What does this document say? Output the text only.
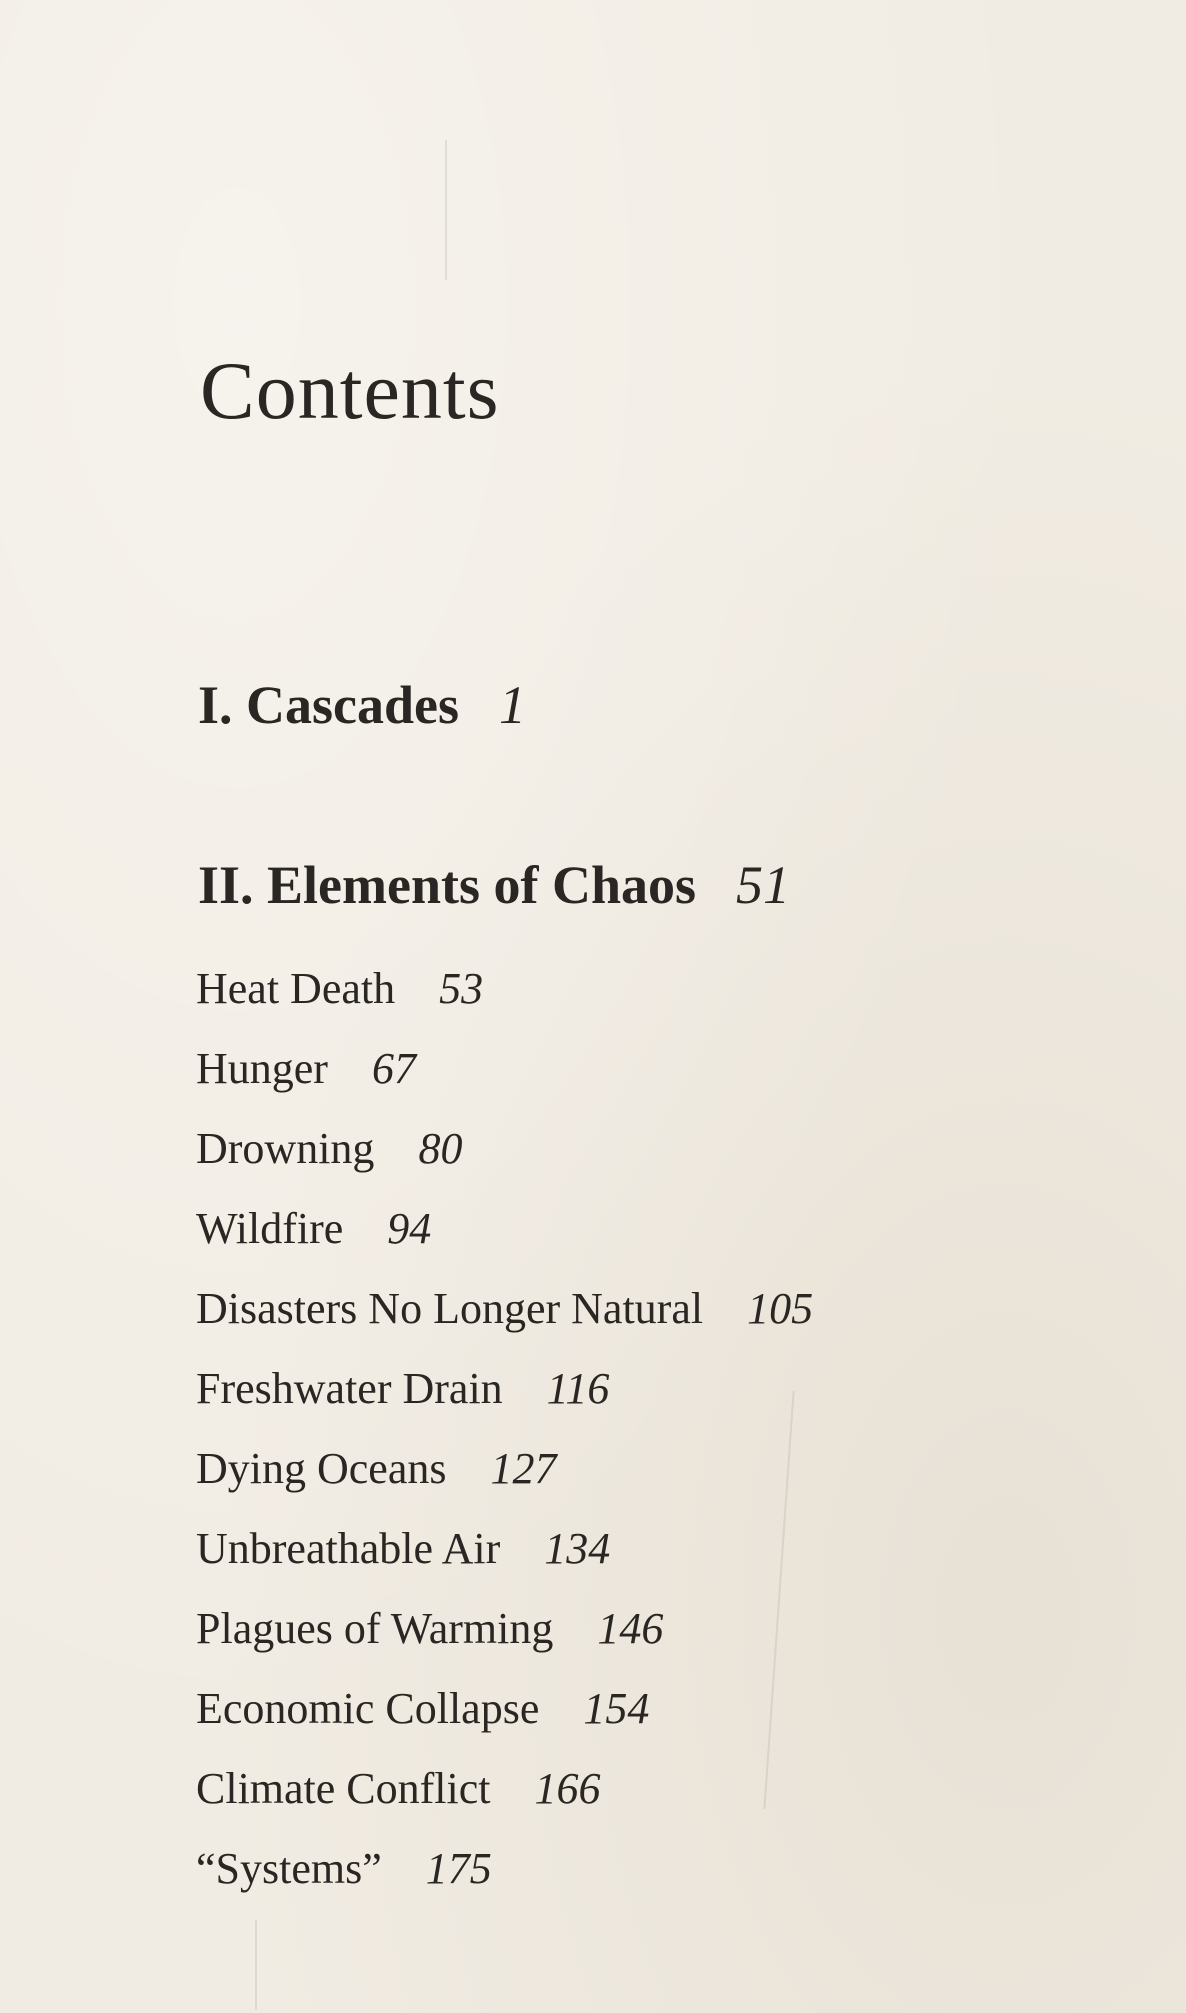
Contents
I. Cascades 1
II. Elements of Chaos 51
Heat Death 53
Hunger 67
Drowning 80
Wildfire 94
Disasters No Longer Natural 105
Freshwater Drain 116
Dying Oceans 127
Unbreathable Air 134
Plagues of Warming 146
Economic Collapse 154
Climate Conflict 166
“Systems” 175
